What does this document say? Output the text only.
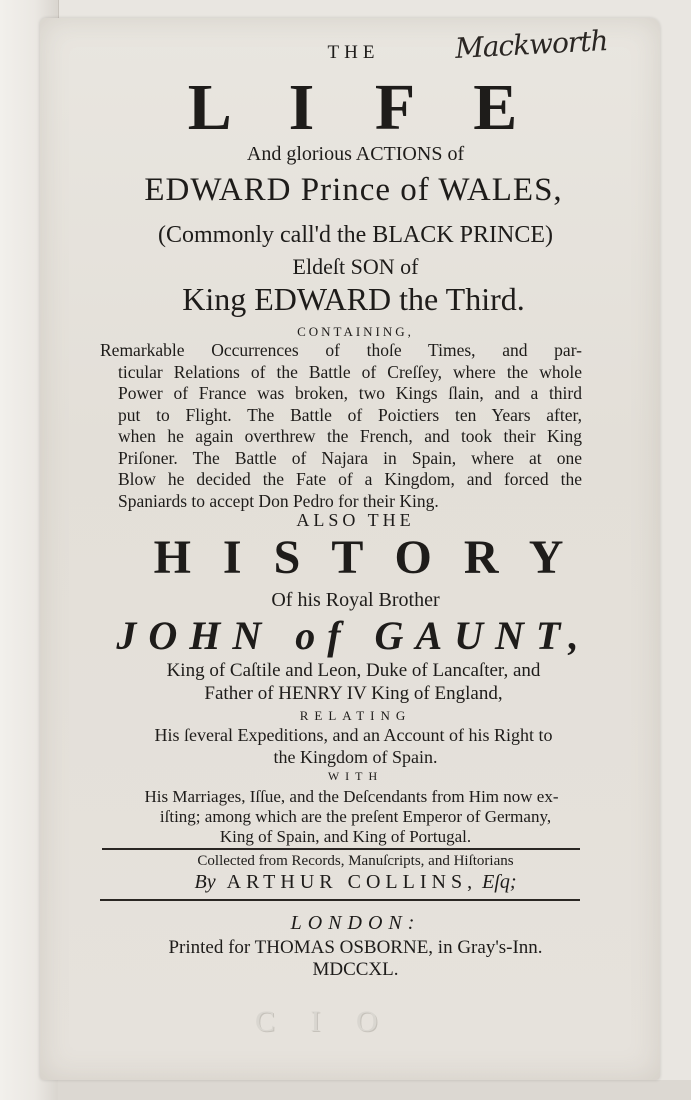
Mackworth
THE
L I F E
And glorious ACTIONS of
EDWARD Prince of WALES,
(Commonly call'd the BLACK PRINCE)
Eldeſt SON of
King EDWARD the Third.
CONTAINING,
Remarkable Occurrences of thoſe Times, and par-
ticular Relations of the Battle of Creſſey, where the whole
Power of France was broken, two Kings ſlain, and a third
put to Flight. The Battle of Poictiers ten Years after,
when he again overthrew the French, and took their King
Priſoner. The Battle of Najara in Spain, where at one
Blow he decided the Fate of a Kingdom, and forced the
Spaniards to accept Don Pedro for their King.
ALSO THE
H I S T O R Y
Of his Royal Brother
JOHN of GAUNT,
King of Caſtile and Leon, Duke of Lancaſter, and
Father of HENRY IV King of England,
RELATING
His ſeveral Expeditions, and an Account of his Right to
the Kingdom of Spain.
WITH
His Marriages, Iſſue, and the Deſcendants from Him now ex-
iſting; among which are the preſent Emperor of Germany,
King of Spain, and King of Portugal.
Collected from Records, Manuſcripts, and Hiſtorians
By ARTHUR COLLINS, Eſq;
LONDON:
Printed for THOMAS OSBORNE, in Gray's-Inn.
MDCCXL.
C I O
